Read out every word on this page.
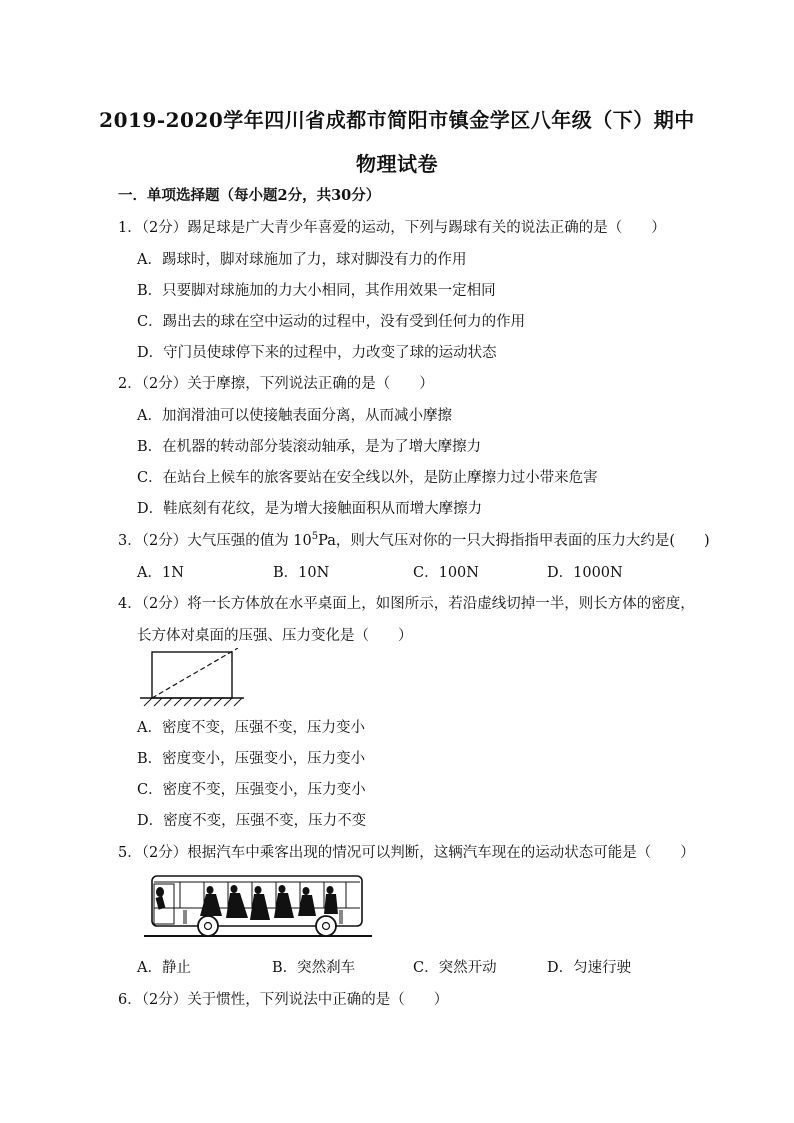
2019-2020学年四川省成都市简阳市镇金学区八年级（下）期中
物理试卷
一．单项选择题（每小题2分，共30分）
1．（2分）踢足球是广大青少年喜爱的运动，下列与踢球有关的说法正确的是（　　）
A．踢球时，脚对球施加了力，球对脚没有力的作用
B．只要脚对球施加的力大小相同，其作用效果一定相同
C．踢出去的球在空中运动的过程中，没有受到任何力的作用
D．守门员使球停下来的过程中，力改变了球的运动状态
2．（2分）关于摩擦，下列说法正确的是（　　）
A．加润滑油可以使接触表面分离，从而减小摩擦
B．在机器的转动部分装滚动轴承，是为了增大摩擦力
C．在站台上候车的旅客要站在安全线以外，是防止摩擦力过小带来危害
D．鞋底刻有花纹，是为增大接触面积从而增大摩擦力
3．（2分）大气压强的值为 $10^5Pa$，则大气压对你的一只大拇指指甲表面的压力大约是(　　)
A．1N	B．10N	C．100N	D．1000N
4．（2分）将一长方体放在水平桌面上，如图所示，若沿虚线切掉一半，则长方体的密度，
长方体对桌面的压强、压力变化是（　　）
A．密度不变，压强不变，压力变小
B．密度变小，压强变小，压力变小
C．密度不变，压强变小，压力变小
D．密度不变，压强不变，压力不变
5．（2分）根据汽车中乘客出现的情况可以判断，这辆汽车现在的运动状态可能是（　　）
A．静止	B．突然刹车	C．突然开动	D．匀速行驶
6．（2分）关于惯性，下列说法中正确的是（　　）
